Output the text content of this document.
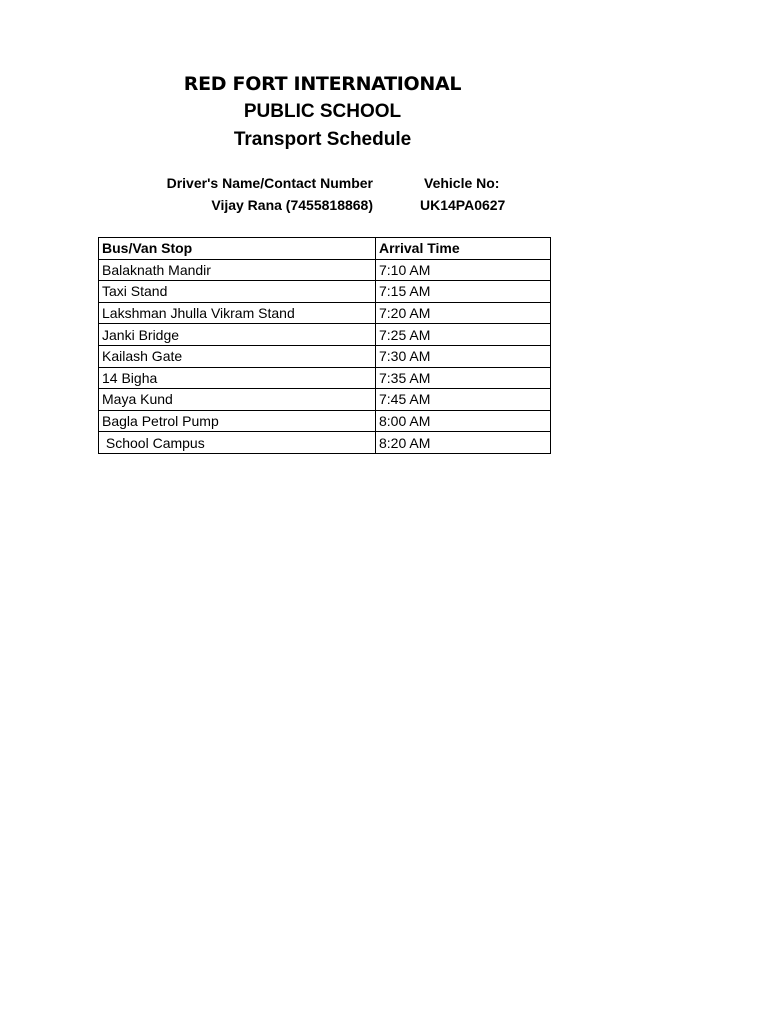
RED FORT INTERNATIONAL
PUBLIC SCHOOL
Transport Schedule
Driver's Name/Contact Number
Vijay Rana (7455818868)
Vehicle No:
UK14PA0627
Bus/Van Stop	Arrival Time
Balaknath Mandir	7:10 AM
Taxi Stand	7:15 AM
Lakshman Jhulla Vikram Stand	7:20 AM
Janki Bridge	7:25 AM
Kailash Gate	7:30 AM
14 Bigha	7:35 AM
Maya Kund	7:45 AM
Bagla Petrol Pump	8:00 AM
School Campus	8:20 AM
